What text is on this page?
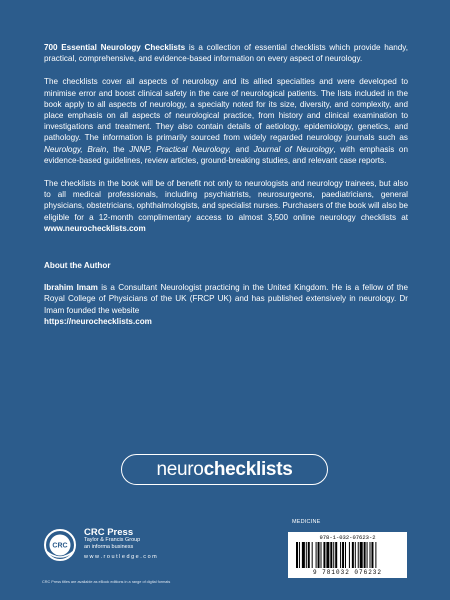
700 Essential Neurology Checklists is a collection of essential checklists which provide handy, practical, comprehensive, and evidence-based information on every aspect of neurology.

The checklists cover all aspects of neurology and its allied specialties and were developed to minimise error and boost clinical safety in the care of neurological patients. The lists included in the book apply to all aspects of neurology, a specialty noted for its size, diversity, and complexity, and place emphasis on all aspects of neurological practice, from history and clinical examination to investigations and treatment. They also contain details of aetiology, epidemiology, genetics, and pathology. The information is primarily sourced from widely regarded neurology journals such as Neurology, Brain, the JNNP, Practical Neurology, and Journal of Neurology, with emphasis on evidence-based guidelines, review articles, ground-breaking studies, and relevant case reports.

The checklists in the book will be of benefit not only to neurologists and neurology trainees, but also to all medical professionals, including psychiatrists, neurosurgeons, paediatricians, general physicians, obstetricians, ophthalmologists, and specialist nurses. Purchasers of the book will also be eligible for a 12-month complimentary access to almost 3,500 online neurology checklists at www.neurochecklists.com

About the Author

Ibrahim Imam is a Consultant Neurologist practicing in the United Kingdom. He is a fellow of the Royal College of Physicians of the UK (FRCP UK) and has published extensively in neurology. Dr Imam founded the website
https://neurochecklists.com

neuro checklists
CRC
CRC Press
Taylor & Francis Group
an informa business
w w w . r o u t l e d g e . c o m
CRC Press titles are available as eBook editions in a range of digital formats
MEDICINE
978-1-032-07623-2
9 781032 076232
